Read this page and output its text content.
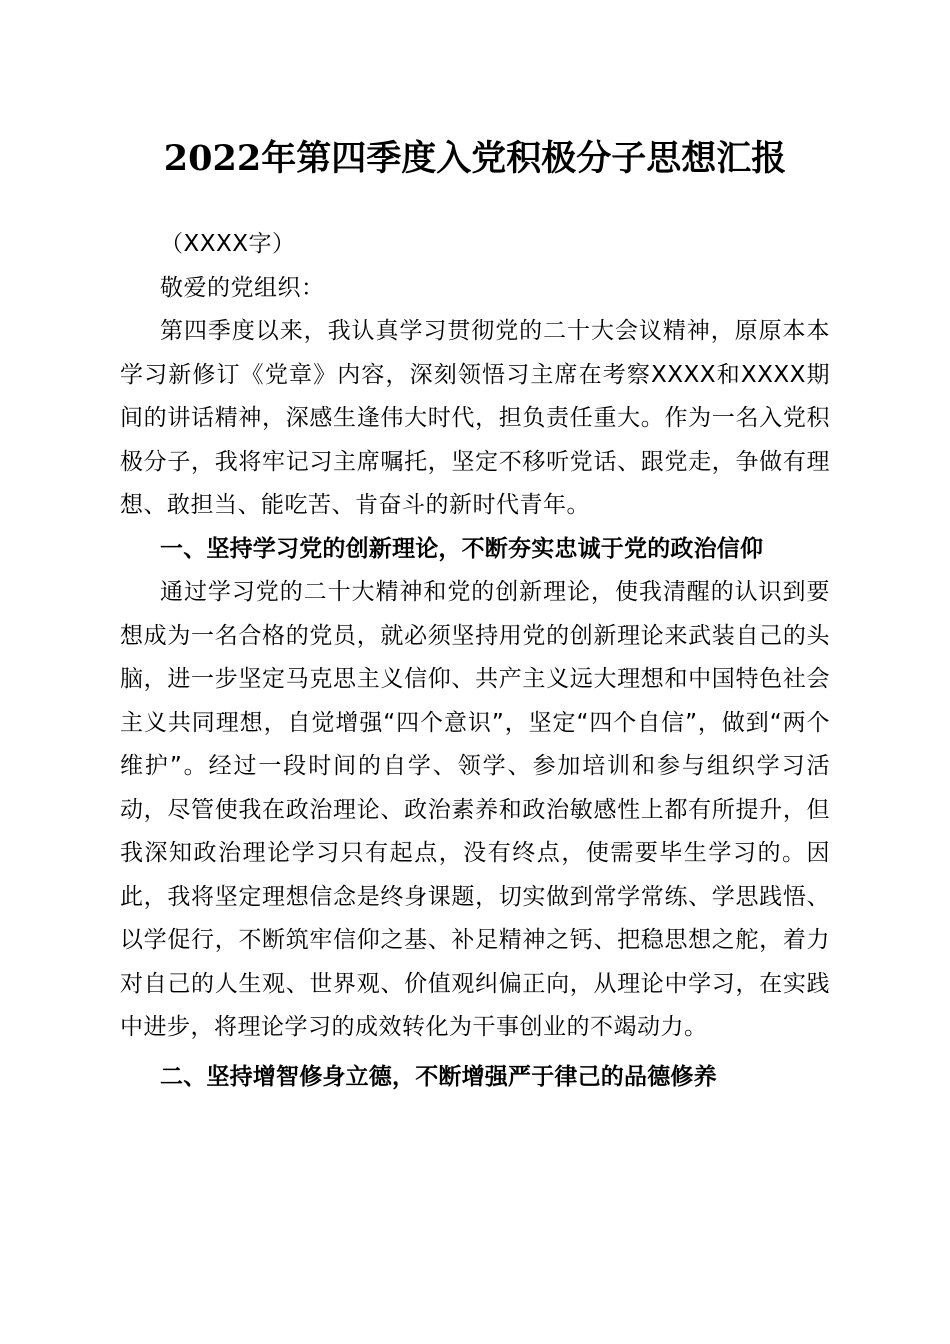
2022年第四季度入党积极分子思想汇报

（XXXX字）

敬爱的党组织：

第四季度以来，我认真学习贯彻党的二十大会议精神，原原本本学习新修订《党章》内容，深刻领悟习主席在考察XXXX和XXXX期间的讲话精神，深感生逢伟大时代，担负责任重大。作为一名入党积极分子，我将牢记习主席嘱托，坚定不移听党话、跟党走，争做有理想、敢担当、能吃苦、肯奋斗的新时代青年。

一、坚持学习党的创新理论，不断夯实忠诚于党的政治信仰

通过学习党的二十大精神和党的创新理论，使我清醒的认识到要想成为一名合格的党员，就必须坚持用党的创新理论来武装自己的头脑，进一步坚定马克思主义信仰、共产主义远大理想和中国特色社会主义共同理想，自觉增强“四个意识”，坚定“四个自信”，做到“两个维护”。经过一段时间的自学、领学、参加培训和参与组织学习活动，尽管使我在政治理论、政治素养和政治敏感性上都有所提升，但我深知政治理论学习只有起点，没有终点，使需要毕生学习的。因此，我将坚定理想信念是终身课题，切实做到常学常练、学思践悟、以学促行，不断筑牢信仰之基、补足精神之钙、把稳思想之舵，着力对自己的人生观、世界观、价值观纠偏正向，从理论中学习，在实践中进步，将理论学习的成效转化为干事创业的不竭动力。

二、坚持增智修身立德，不断增强严于律己的品德修养
